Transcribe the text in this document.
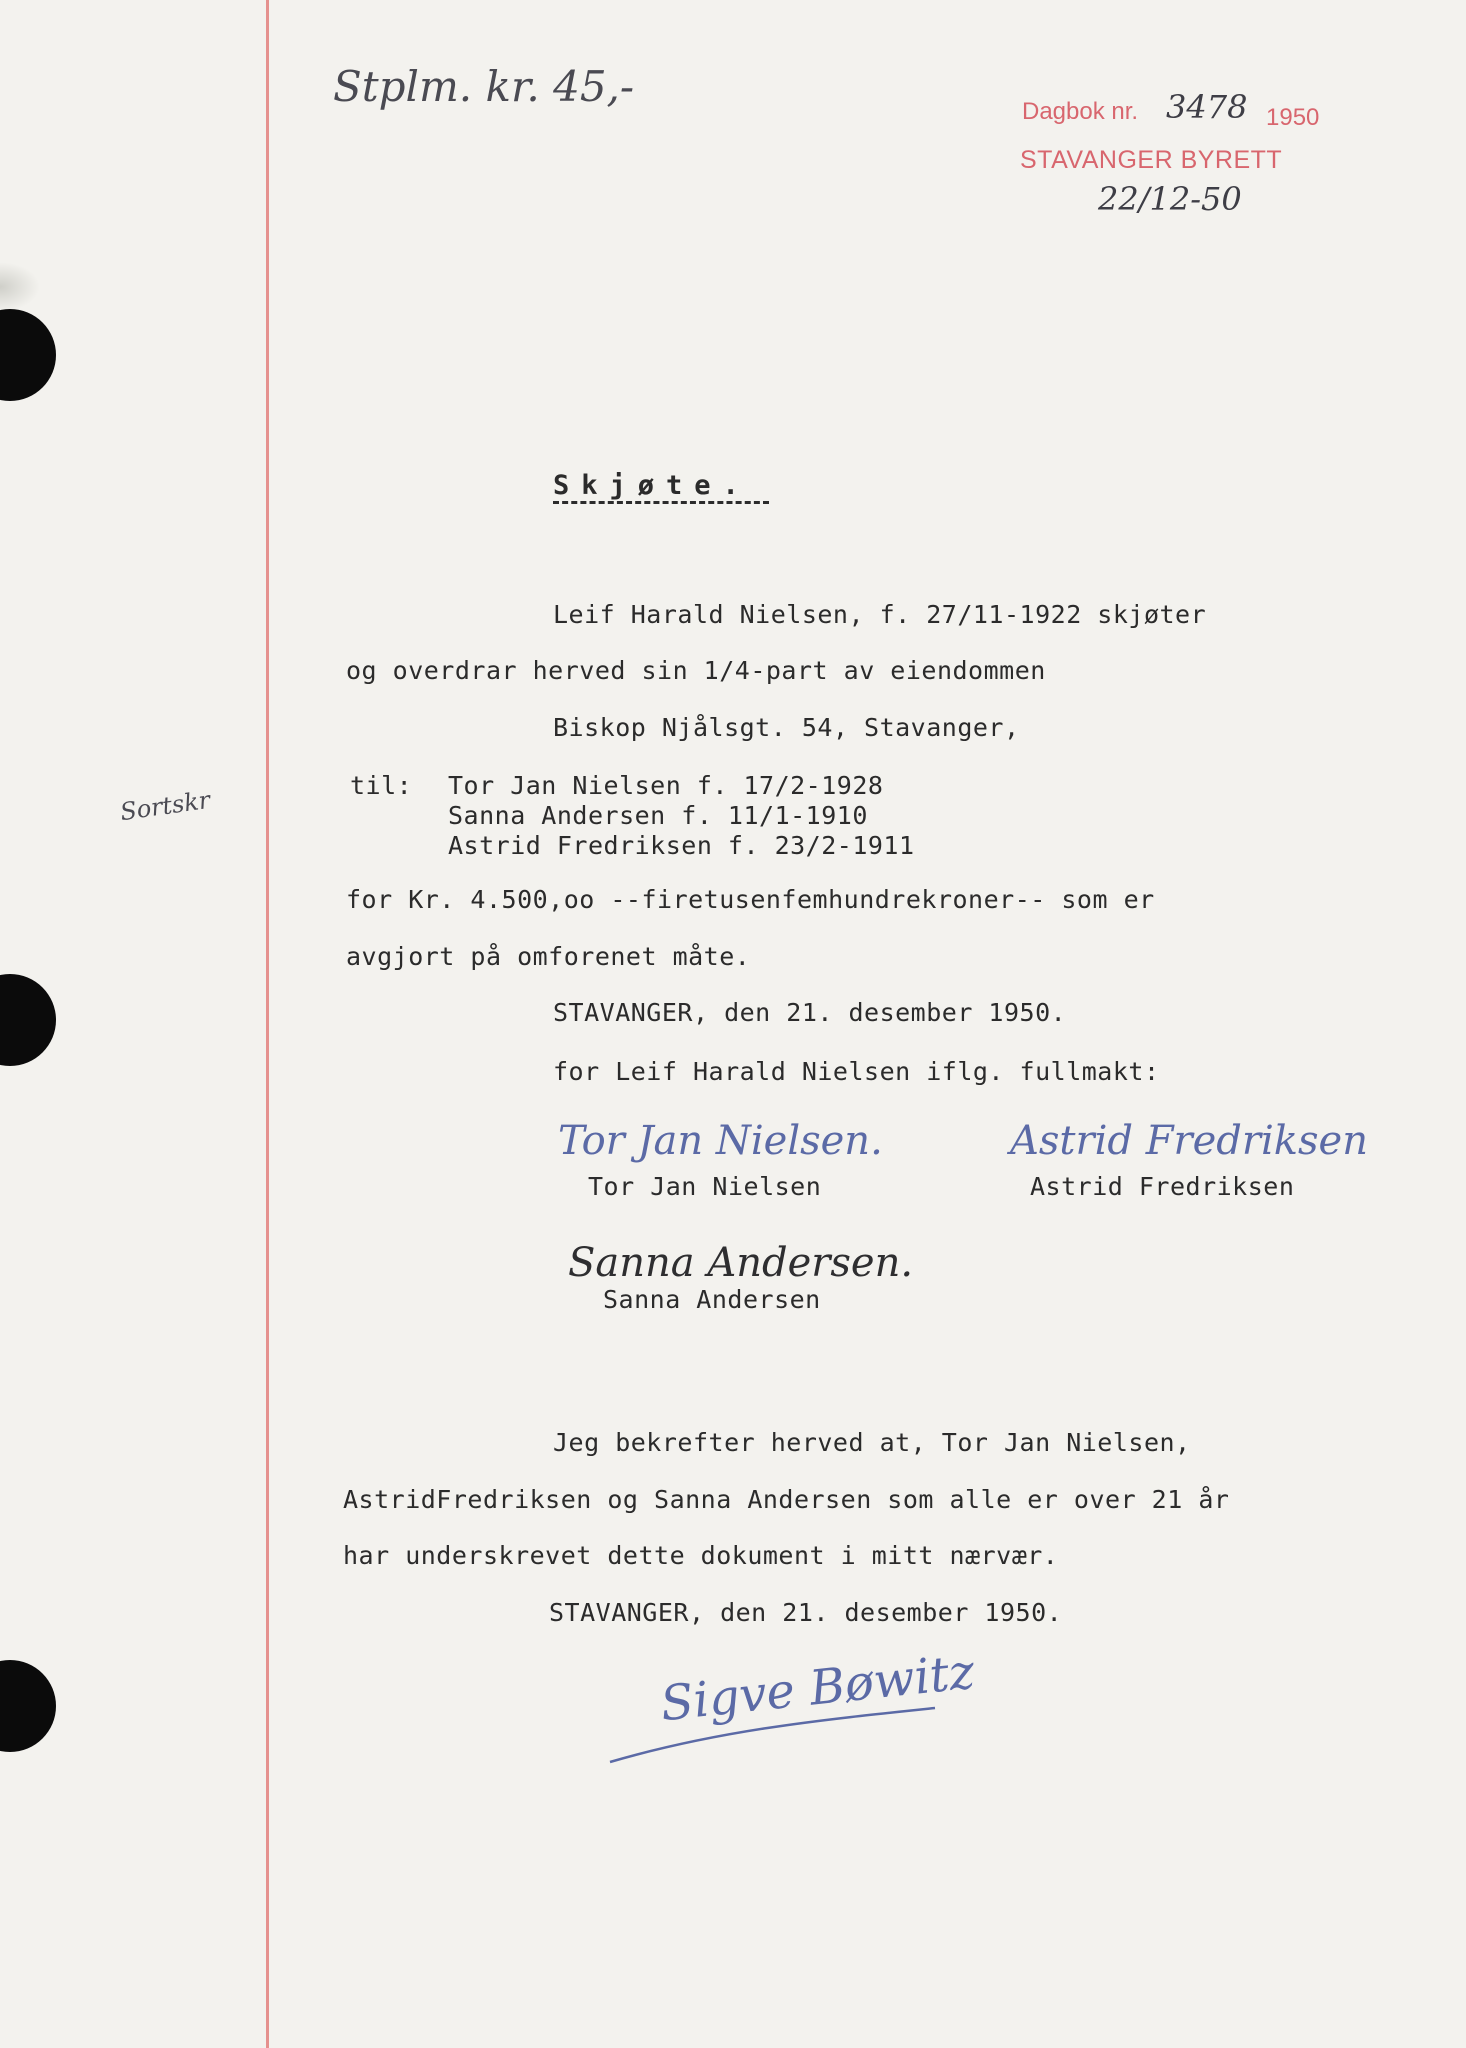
Stplm. kr. 45,-
Dagbok nr. 3478 1950
STAVANGER BYRETT
22/12-50
Sortskr
Skjøte.
Leif Harald Nielsen, f. 27/11-1922 skjøter
og overdrar herved sin 1/4-part av eiendommen
Biskop Njålsgt. 54, Stavanger,
til: Tor Jan Nielsen f. 17/2-1928
Sanna Andersen f. 11/1-1910
Astrid Fredriksen f. 23/2-1911
for Kr. 4.500,oo --firetusenfemhundrekroner-- som er
avgjort på omforenet måte.
STAVANGER, den 21. desember 1950.
for Leif Harald Nielsen iflg. fullmakt:
Tor Jan Nielsen.
Tor Jan Nielsen
Astrid Fredriksen
Astrid Fredriksen
Sanna Andersen.
Sanna Andersen
Jeg bekrefter herved at, Tor Jan Nielsen,
AstridFredriksen og Sanna Andersen som alle er over 21 år
har underskrevet dette dokument i mitt nærvær.
STAVANGER, den 21. desember 1950.
Sigve Bøwitz
